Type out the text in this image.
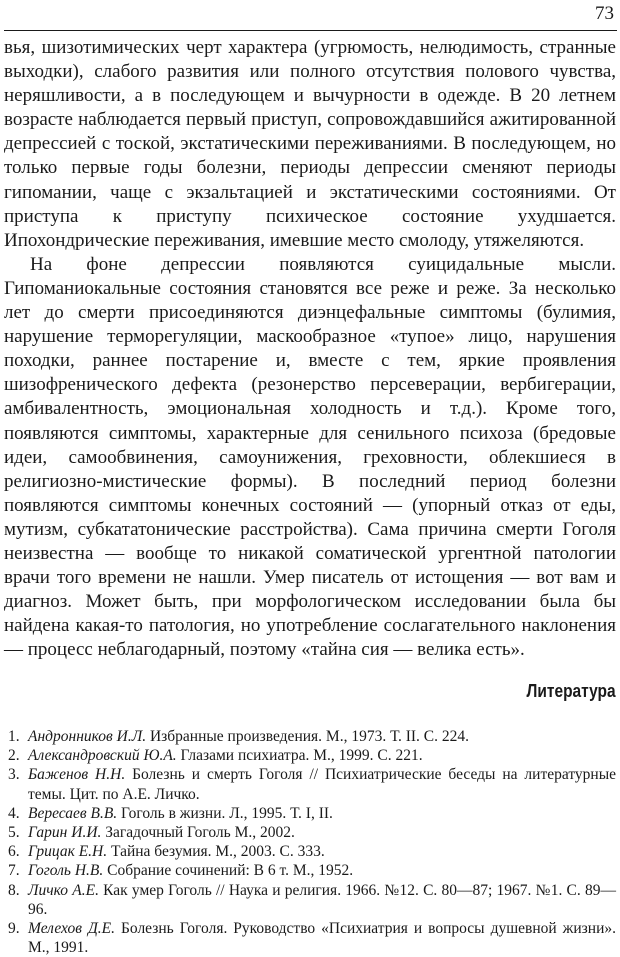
73

вья, шизотимических черт характера (угрюмость, нелюдимость, странные выходки), слабого развития или полного отсутствия полового чувства, неряшливости, а в последующем и вычурности в одежде. В 20 летнем возрасте наблюдается первый приступ, сопровождавшийся ажитированной депрессией с тоской, экстатическими переживаниями. В последующем, но только первые годы болезни, периоды депрессии сменяют периоды гипомании, чаще с экзальтацией и экстатическими состояниями. От приступа к приступу психическое состояние ухудшается. Ипохондрические переживания, имевшие место смолоду, утяжеляются.

На фоне депрессии появляются суицидальные мысли. Гипоманиокальные состояния становятся все реже и реже. За несколько лет до смерти присоединяются диэнцефальные симптомы (булимия, нарушение терморегуляции, маскообразное «тупое» лицо, нарушения походки, раннее постарение и, вместе с тем, яркие проявления шизофренического дефекта (резонерство персеверации, вербигерации, амбивалентность, эмоциональная холодность и т.д.). Кроме того, появляются симптомы, характерные для сенильного психоза (бредовые идеи, самообвинения, самоунижения, греховности, облекшиеся в религиозно-мистические формы). В последний период болезни появляются симптомы конечных состояний — (упорный отказ от еды, мутизм, субкататонические расстройства). Сама причина смерти Гоголя неизвестна — вообще то никакой соматической ургентной патологии врачи того времени не нашли. Умер писатель от истощения — вот вам и диагноз. Может быть, при морфологическом исследовании была бы найдена какая-то патология, но употребление сослагательного наклонения — процесс неблагодарный, поэтому «тайна сия — велика есть».

Литература
1. Андронников И.Л. Избранные произведения. М., 1973. Т. II. С. 224.
2. Александровский Ю.А. Глазами психиатра. М., 1999. С. 221.
3. Баженов Н.Н. Болезнь и смерть Гоголя // Психиатрические беседы на литературные темы. Цит. по А.Е. Личко.
4. Вересаев В.В. Гоголь в жизни. Л., 1995. Т. I, II.
5. Гарин И.И. Загадочный Гоголь М., 2002.
6. Грицак Е.Н. Тайна безумия. М., 2003. С. 333.
7. Гоголь Н.В. Собрание сочинений: В 6 т. М., 1952.
8. Личко А.Е. Как умер Гоголь // Наука и религия. 1966. №12. С. 80—87; 1967. №1. С. 89—96.
9. Мелехов Д.Е. Болезнь Гоголя. Руководство «Психиатрия и вопросы душевной жизни». М., 1991.
